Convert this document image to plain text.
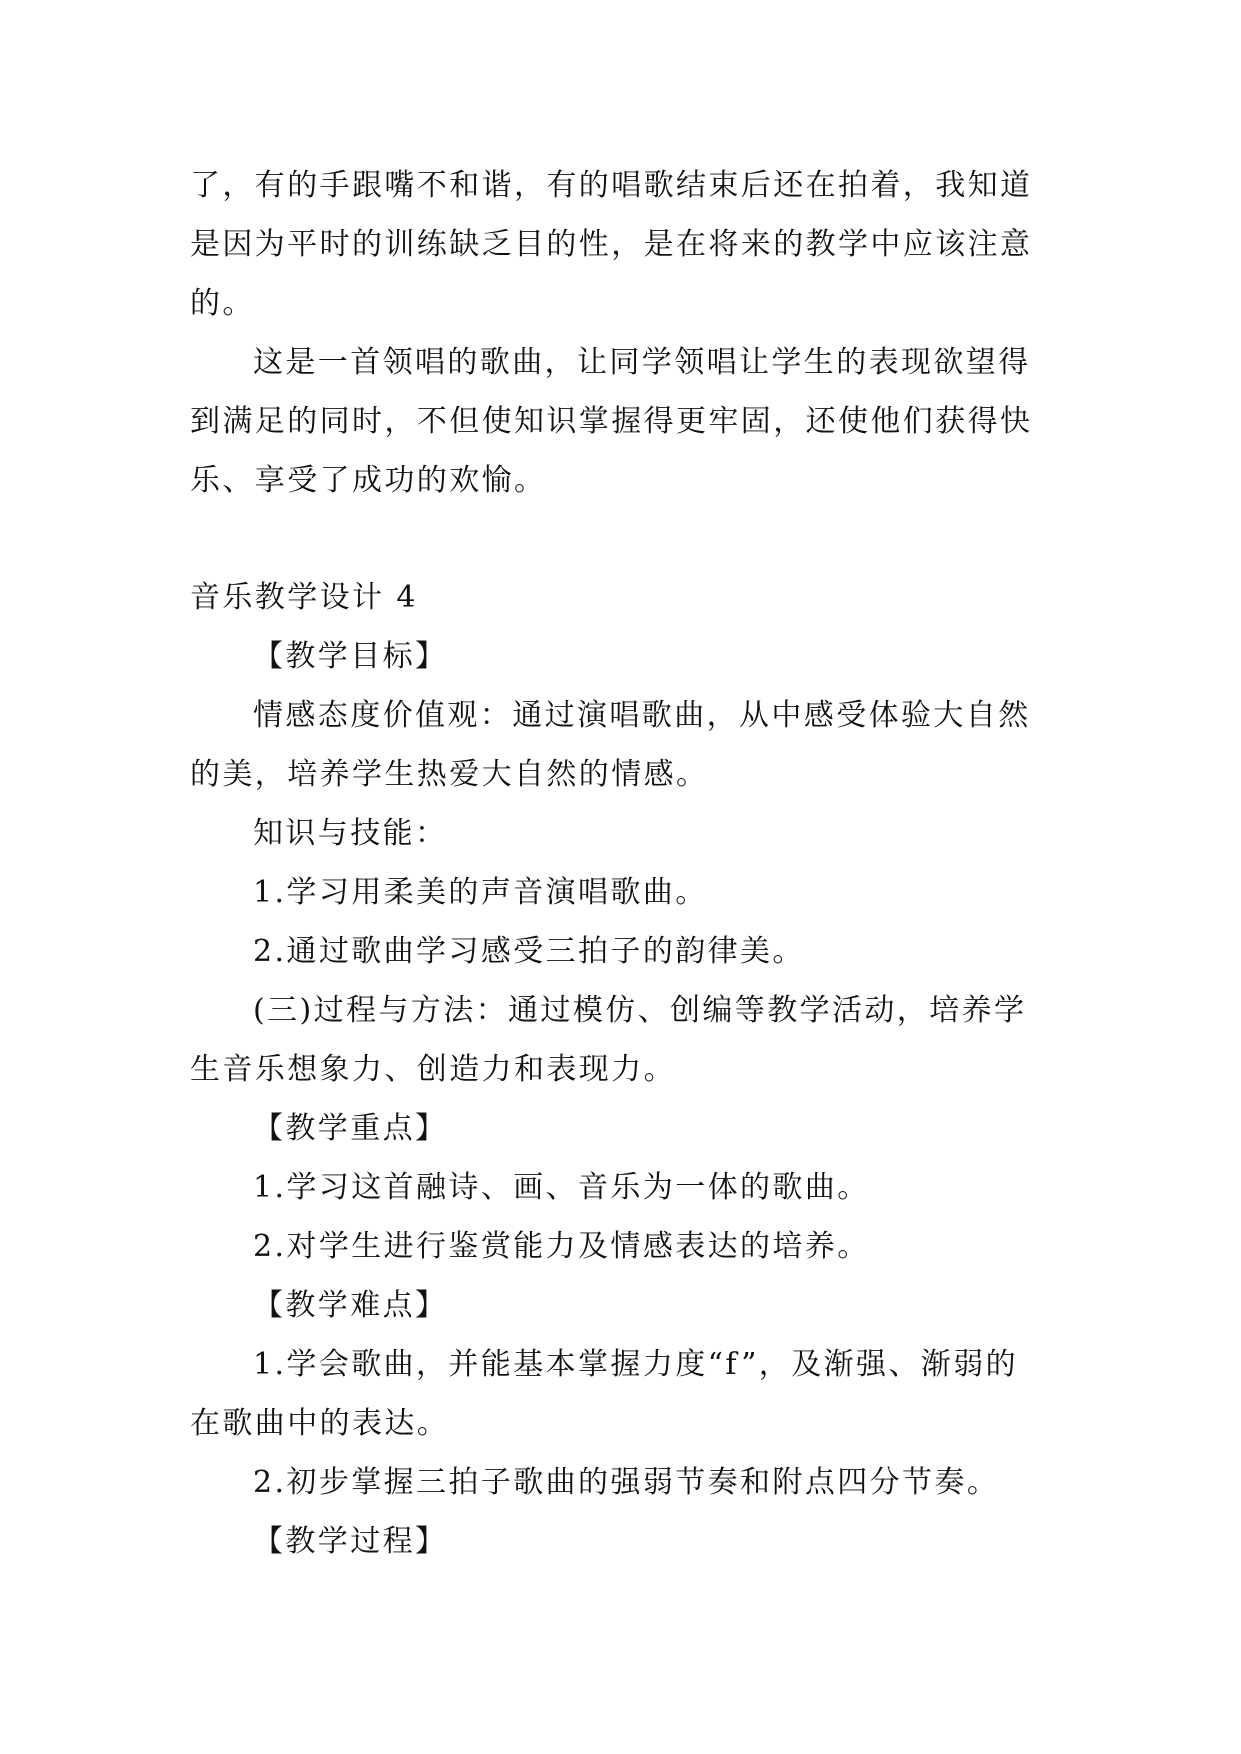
了，有的手跟嘴不和谐，有的唱歌结束后还在拍着，我知道
是因为平时的训练缺乏目的性，是在将来的教学中应该注意
的。
这是一首领唱的歌曲，让同学领唱让学生的表现欲望得
到满足的同时，不但使知识掌握得更牢固，还使他们获得快
乐、享受了成功的欢愉。
音乐教学设计 4
【教学目标】
情感态度价值观：通过演唱歌曲，从中感受体验大自然
的美，培养学生热爱大自然的情感。
知识与技能：
1.学习用柔美的声音演唱歌曲。
2.通过歌曲学习感受三拍子的韵律美。
(三)过程与方法：通过模仿、创编等教学活动，培养学
生音乐想象力、创造力和表现力。
【教学重点】
1.学习这首融诗、画、音乐为一体的歌曲。
2.对学生进行鉴赏能力及情感表达的培养。
【教学难点】
1.学会歌曲，并能基本掌握力度“f”，及渐强、渐弱的
在歌曲中的表达。
2.初步掌握三拍子歌曲的强弱节奏和附点四分节奏。
【教学过程】
